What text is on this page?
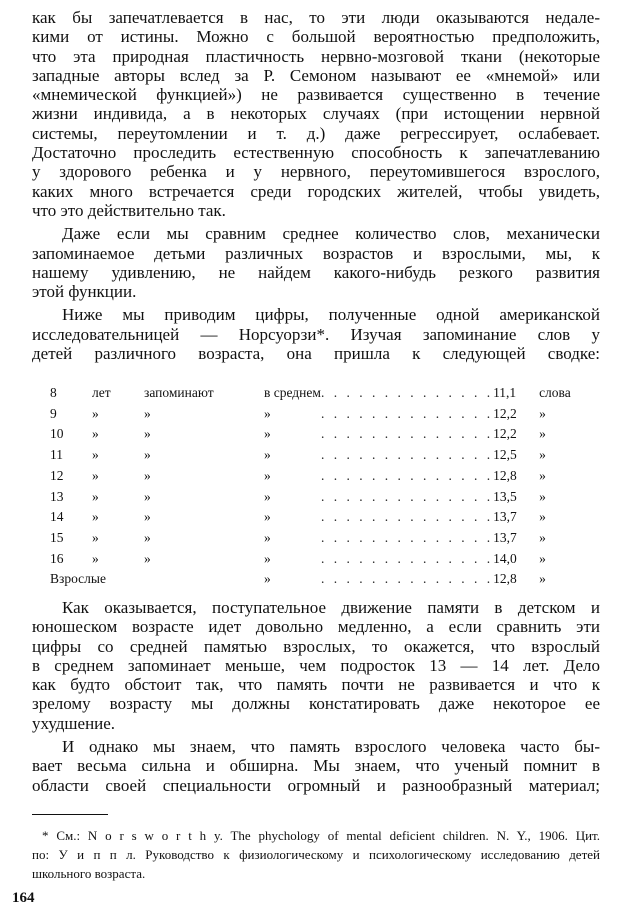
как бы запечатлевается в нас, то эти люди оказываются недале-
кими от истины. Можно с большой вероятностью предположить,
что эта природная пластичность нервно-мозговой ткани (некоторые
западные авторы вслед за Р. Семоном называют ее «мнемой» или
«мнемической функцией») не развивается существенно в течение
жизни индивида, а в некоторых случаях (при истощении нервной
системы, переутомлении и т. д.) даже регрессирует, ослабевает.
Достаточно проследить естественную способность к запечатлеванию
у здорового ребенка и у нервного, переутомившегося взрослого,
каких много встречается среди городских жителей, чтобы увидеть,
что это действительно так.
Даже если мы сравним среднее количество слов, механически
запоминаемое детьми различных возрастов и взрослыми, мы, к
нашему удивлению, не найдем какого-нибудь резкого развития
этой функции.
Ниже мы приводим цифры, полученные одной американской
исследовательницей — Норсуорзи*. Изучая запоминание слов у
детей различного возраста, она пришла к следующей сводке:
8	лет	запоминают	в среднем	. . . . . . . . . . . . . .	11,1	слова
9	»	»	»	. . . . . . . . . . . . . .	12,2	»
10	»	»	»	. . . . . . . . . . . . . .	12,2	»
11	»	»	»	. . . . . . . . . . . . . .	12,5	»
12	»	»	»	. . . . . . . . . . . . . .	12,8	»
13	»	»	»	. . . . . . . . . . . . . .	13,5	»
14	»	»	»	. . . . . . . . . . . . . .	13,7	»
15	»	»	»	. . . . . . . . . . . . . .	13,7	»
16	»	»	»	. . . . . . . . . . . . . .	14,0	»
Взрослые			»	. . . . . . . . . . . . . .	12,8	»
Как оказывается, поступательное движение памяти в детском и
юношеском возрасте идет довольно медленно, а если сравнить эти
цифры со средней памятью взрослых, то окажется, что взрослый
в среднем запоминает меньше, чем подросток 13 — 14 лет. Дело
как будто обстоит так, что память почти не развивается и что к
зрелому возрасту мы должны констатировать даже некоторое ее
ухудшение.
И однако мы знаем, что память взрослого человека часто бы-
вает весьма сильна и обширна. Мы знаем, что ученый помнит в
области своей специальности огромный и разнообразный материал;
* См.: N o r s w o r t h y. The phychology of mental deficient children. N. Y., 1906. Цит.
по: У и п п л. Руководство к физиологическому и психологическому исследованию детей
школьного возраста.
164
